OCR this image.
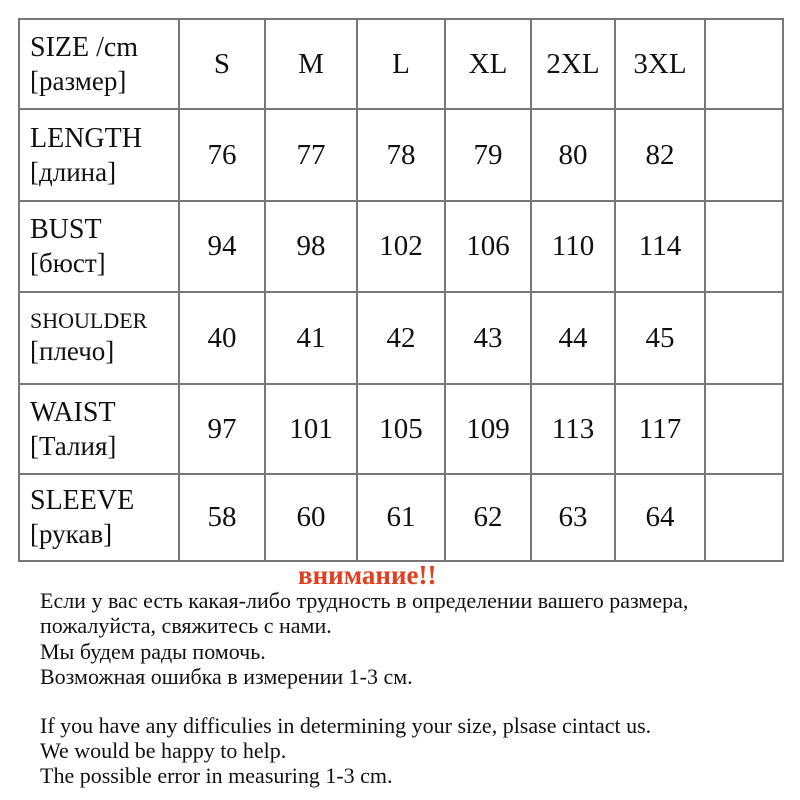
SIZE /cm
[размер]	S	M	L	XL	2XL	3XL	

LENGTH
[длина]	76	77	78	79	80	82	

BUST
[бюст]	94	98	102	106	110	114	

SHOULDER
[плечо]	40	41	42	43	44	45	

WAIST
[Талия]	97	101	105	109	113	117	

SLEEVE
[рукав]	58	60	61	62	63	64	
внимание!!
Если у вас есть какая-либо трудность в определении вашего размера,
пожалуйста, свяжитесь с нами.
Мы будем рады помочь.
Возможная ошибка в измерении 1-3 см.
If you have any difficulies in determining your size, plsase cintact us.
We would be happy to help.
The possible error in measuring 1-3 cm.
